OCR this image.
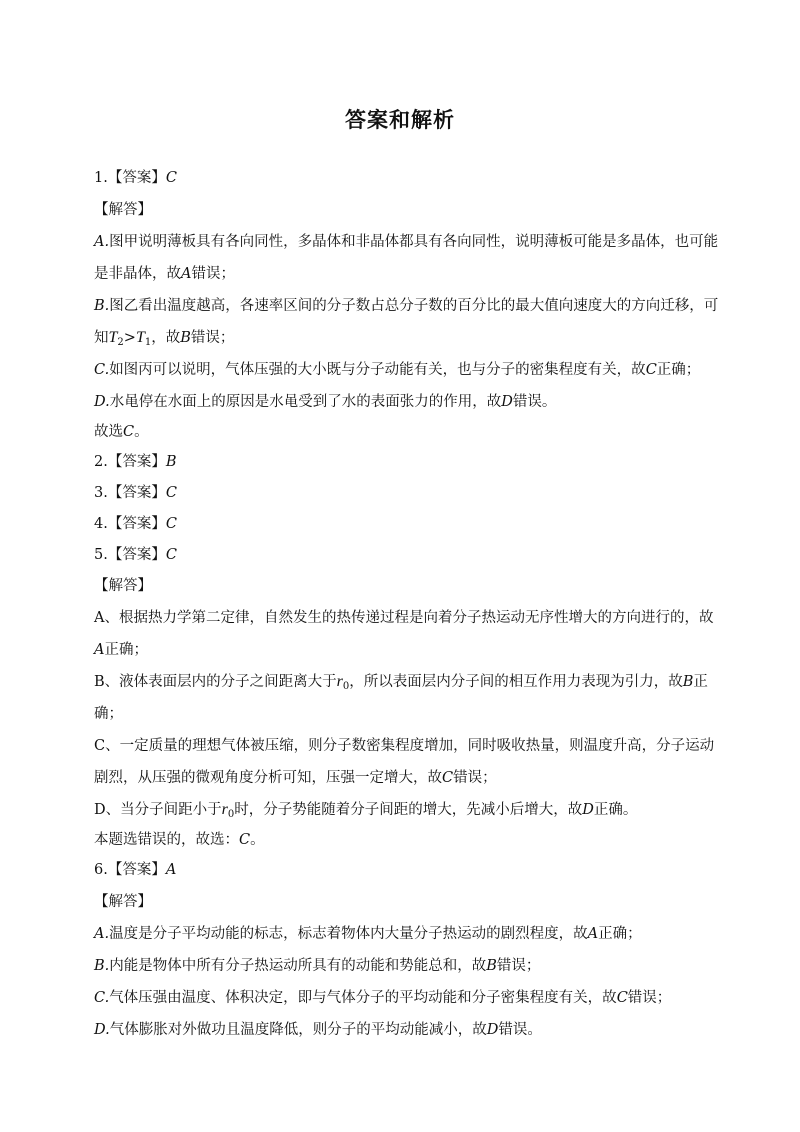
答案和解析
1.【答案】C
【解答】
A.图甲说明薄板具有各向同性，多晶体和非晶体都具有各向同性，说明薄板可能是多晶体，也可能
是非晶体，故A错误；
B.图乙看出温度越高，各速率区间的分子数占总分子数的百分比的最大值向速度大的方向迁移，可
知$T_2>T_1$，故B错误；
C.如图丙可以说明，气体压强的大小既与分子动能有关，也与分子的密集程度有关，故C正确；
D.水黾停在水面上的原因是水黾受到了水的表面张力的作用，故D错误。
故选C。
2.【答案】B
3.【答案】C
4.【答案】C
5.【答案】C
【解答】
A、根据热力学第二定律，自然发生的热传递过程是向着分子热运动无序性增大的方向进行的，故
A正确；
B、液体表面层内的分子之间距离大于$r_0$，所以表面层内分子间的相互作用力表现为引力，故B正
确；
C、一定质量的理想气体被压缩，则分子数密集程度增加，同时吸收热量，则温度升高，分子运动
剧烈，从压强的微观角度分析可知，压强一定增大，故C错误；
D、当分子间距小于$r_0$时，分子势能随着分子间距的增大，先减小后增大，故D正确。
本题选错误的，故选：C。
6.【答案】A
【解答】
A.温度是分子平均动能的标志，标志着物体内大量分子热运动的剧烈程度，故A正确；
B.内能是物体中所有分子热运动所具有的动能和势能总和，故B错误；
C.气体压强由温度、体积决定，即与气体分子的平均动能和分子密集程度有关，故C错误；
D.气体膨胀对外做功且温度降低，则分子的平均动能减小，故D错误。
